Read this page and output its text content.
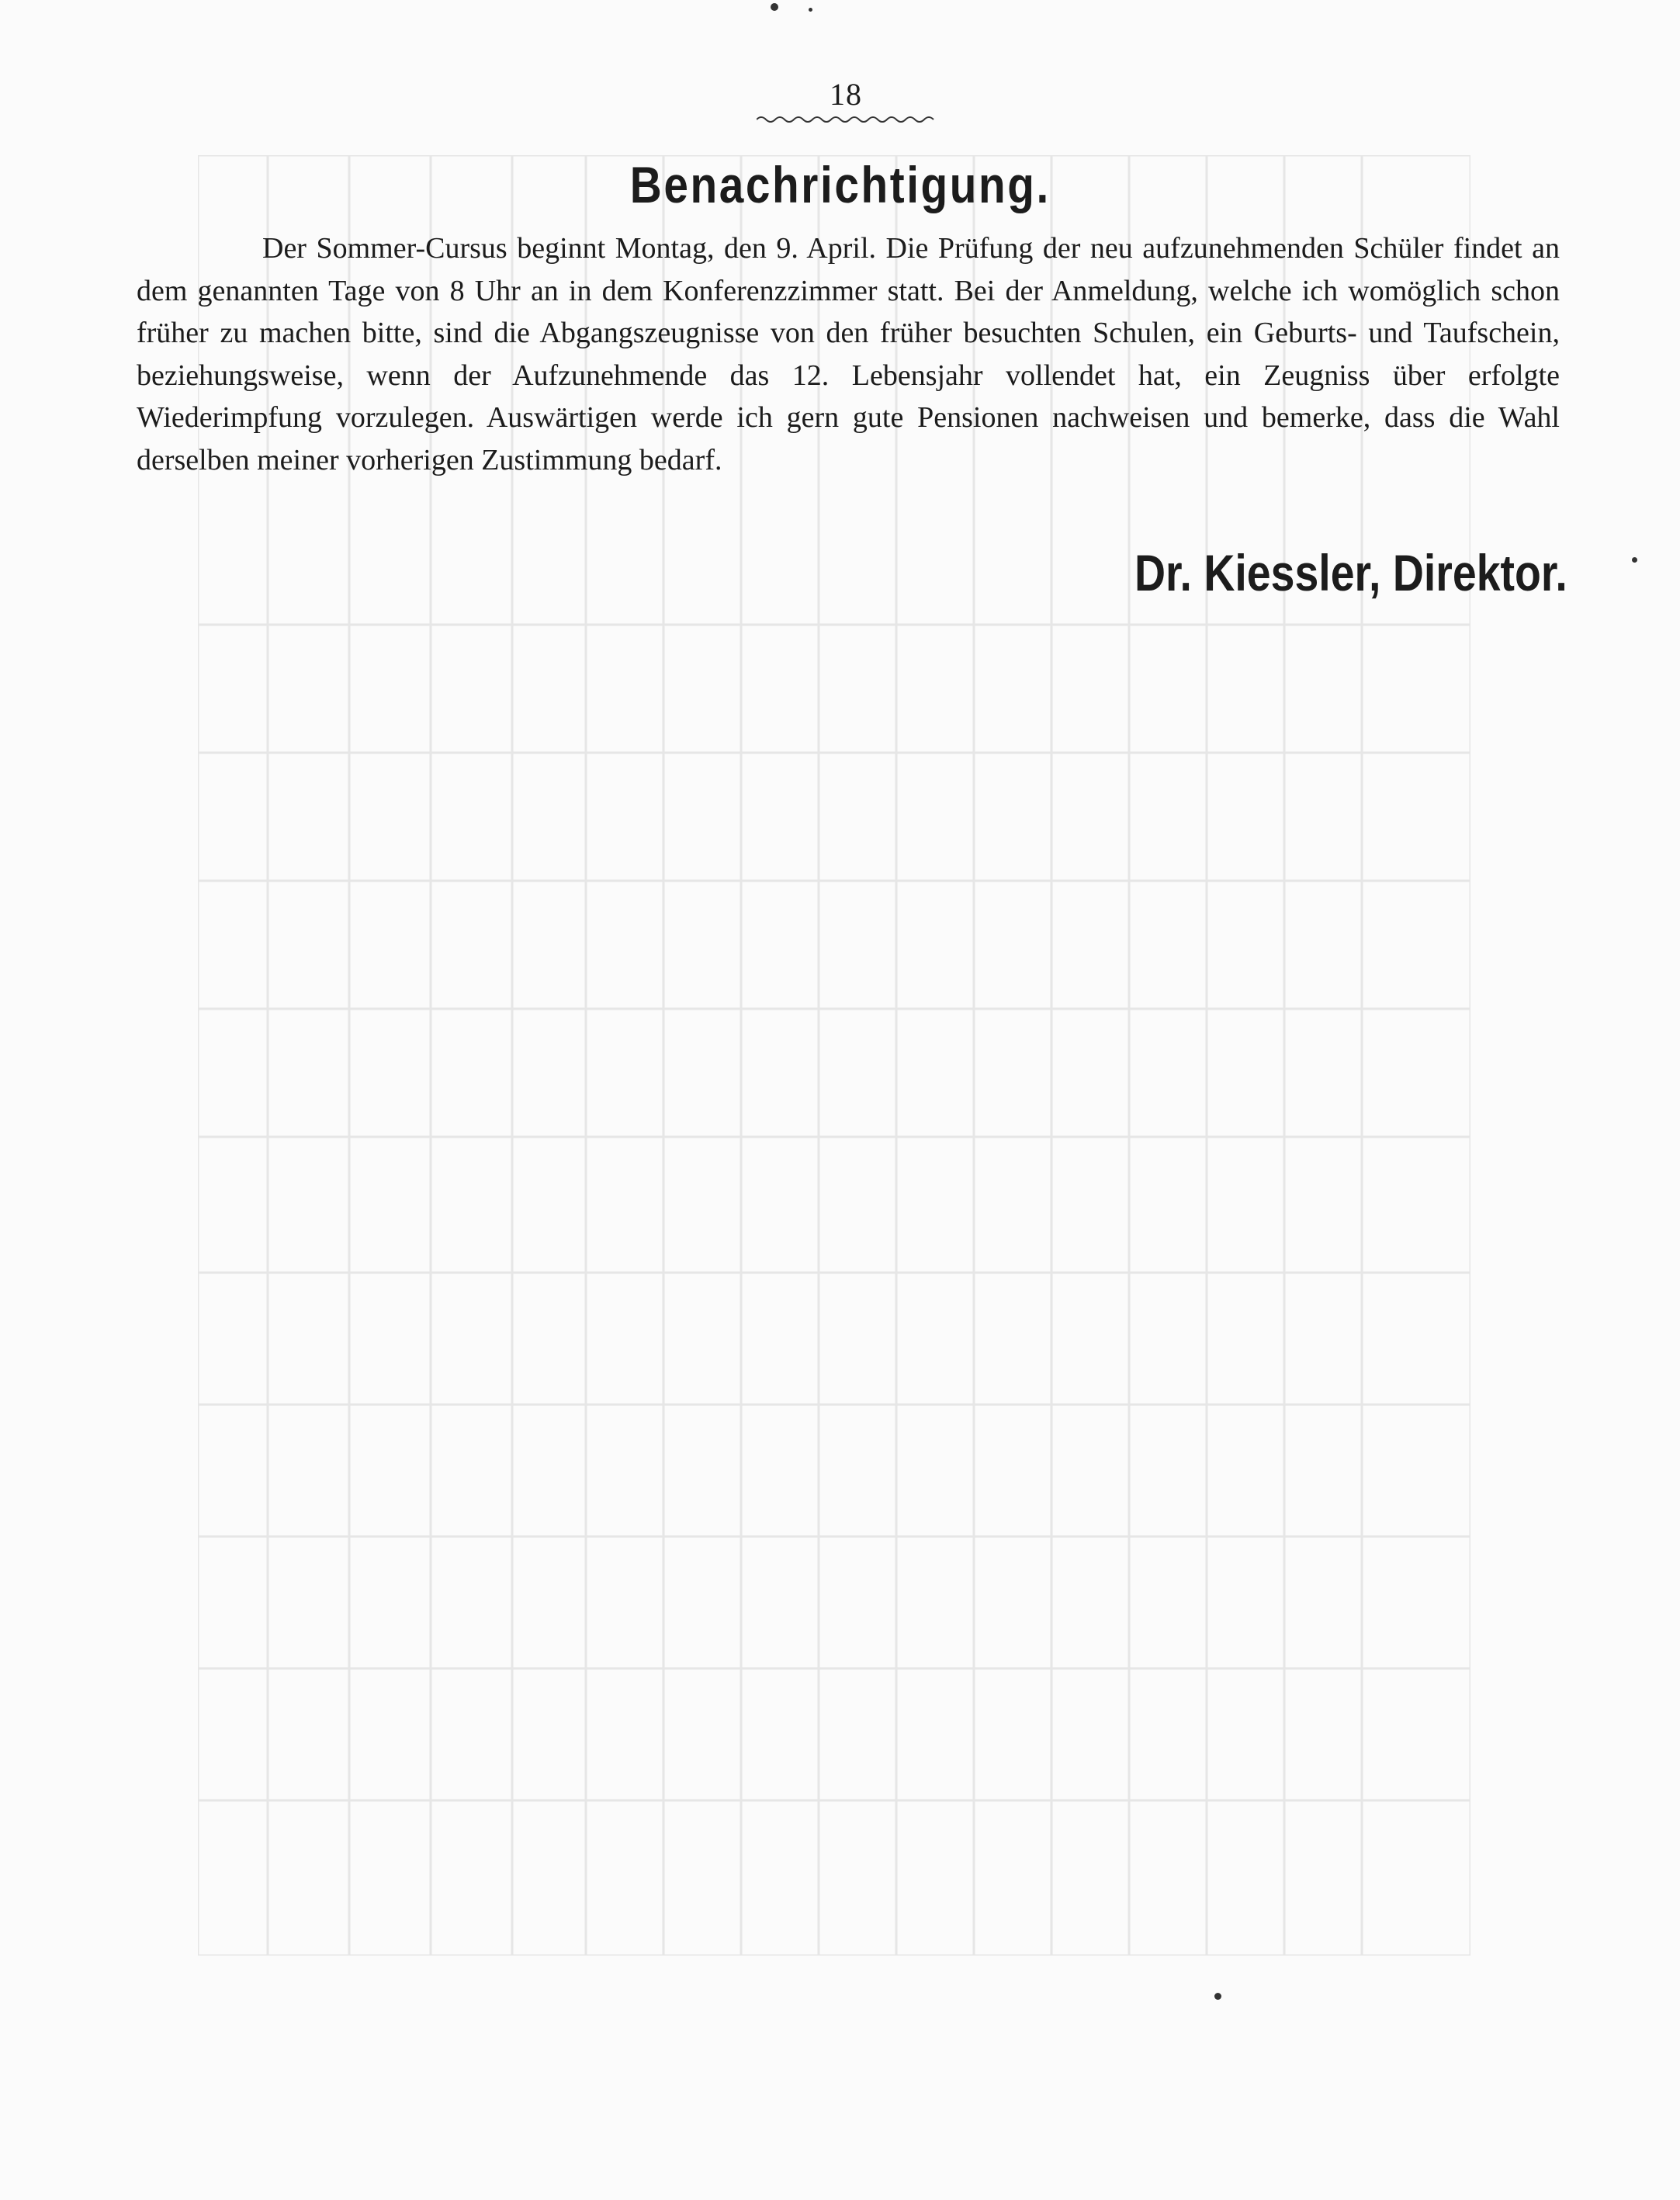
18
Benachrichtigung.
Der Sommer-Cursus beginnt Montag, den 9. April. Die Prüfung der neu aufzunehmenden Schüler findet an dem genannten Tage von 8 Uhr an in dem Konferenzzimmer statt. Bei der Anmeldung, welche ich womöglich schon früher zu machen bitte, sind die Abgangszeugnisse von den früher besuchten Schulen, ein Geburts- und Taufschein, beziehungsweise, wenn der Aufzunehmende das 12. Lebensjahr vollendet hat, ein Zeugniss über erfolgte Wiederimpfung vorzulegen. Auswärtigen werde ich gern gute Pensionen nachweisen und bemerke, dass die Wahl derselben meiner vorherigen Zustimmung bedarf.
Dr. Kiessler, Direktor.
